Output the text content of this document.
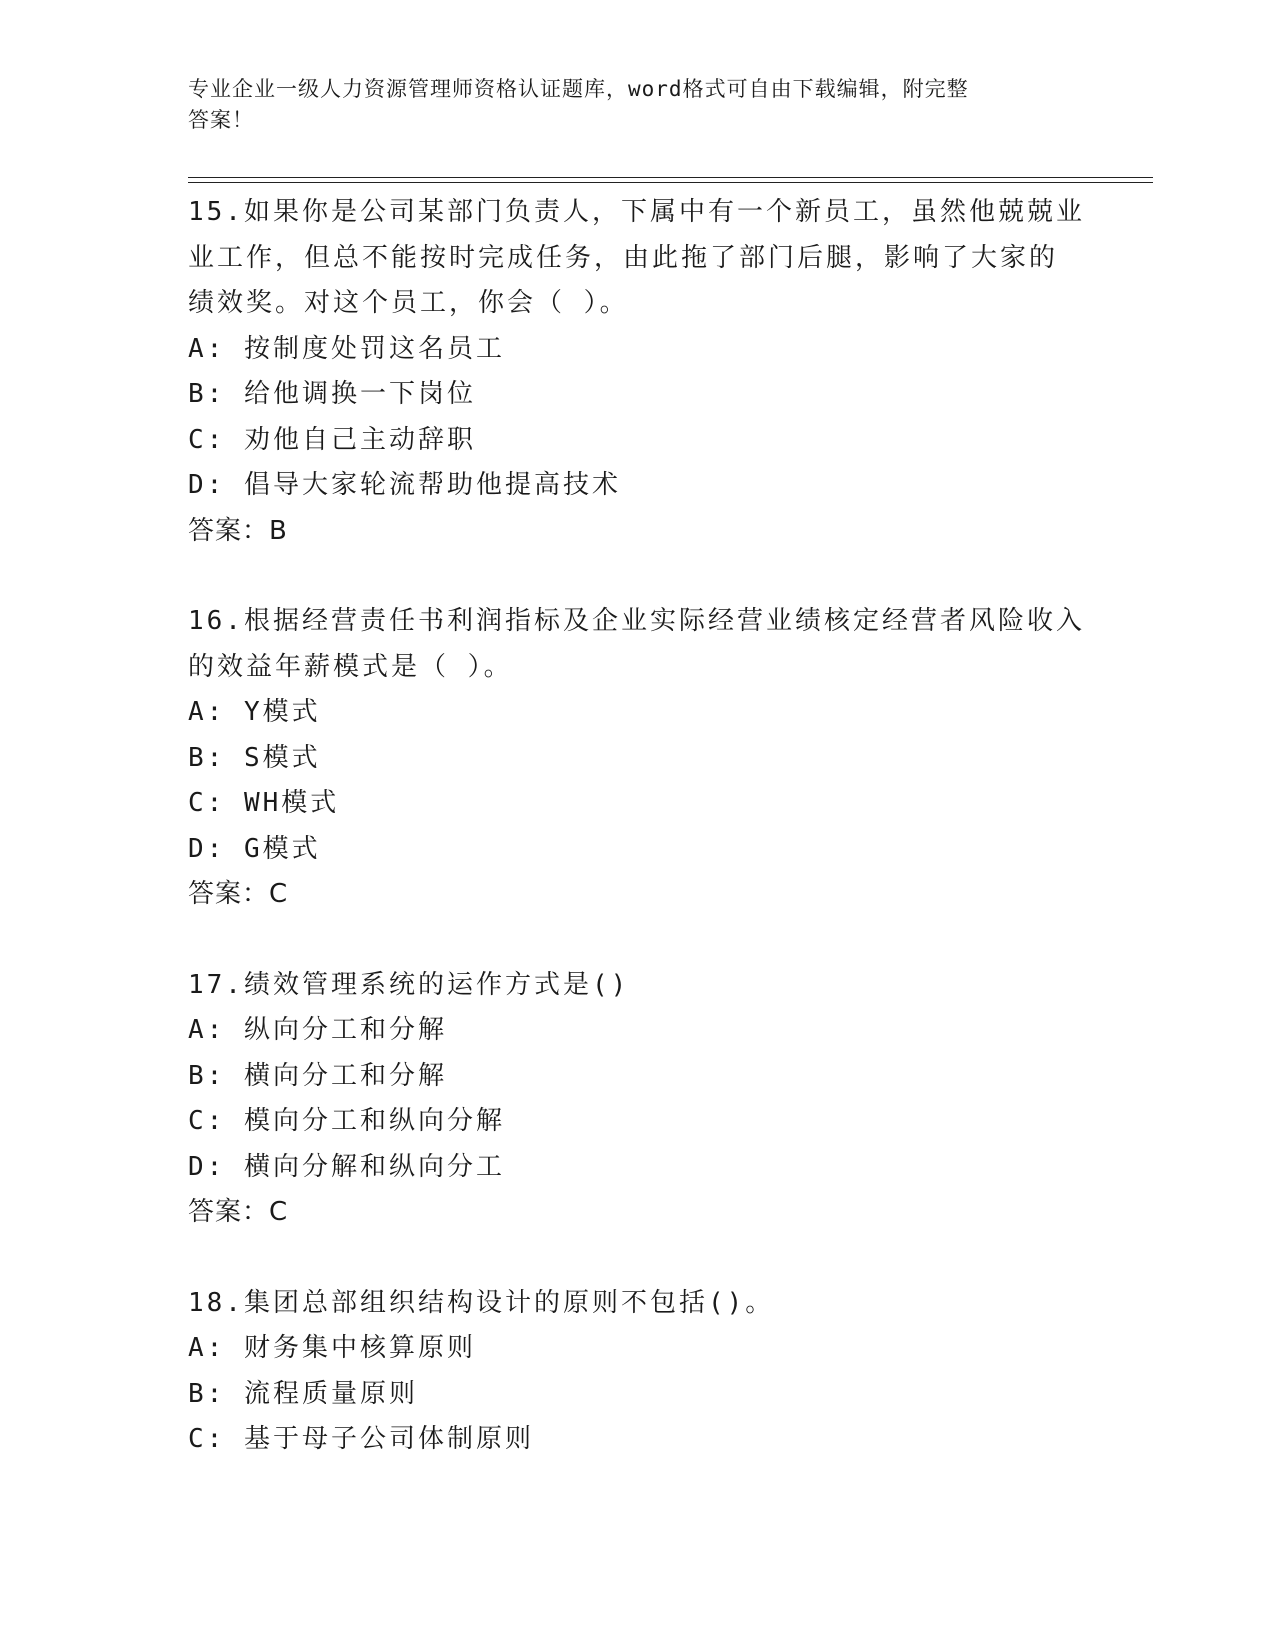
专业企业一级人力资源管理师资格认证题库，word格式可自由下载编辑，附完整
答案！

15.如果你是公司某部门负责人，下属中有一个新员工，虽然他兢兢业

业工作，但总不能按时完成任务，由此拖了部门后腿，影响了大家的

绩效奖。对这个员工，你会（ ）。

A: 按制度处罚这名员工

B: 给他调换一下岗位

C: 劝他自己主动辞职

D: 倡导大家轮流帮助他提高技术

答案：B

16.根据经营责任书利润指标及企业实际经营业绩核定经营者风险收入

的效益年薪模式是（ ）。

A: Y模式

B: S模式

C: WH模式

D: G模式

答案：C

17.绩效管理系统的运作方式是()

A: 纵向分工和分解

B: 横向分工和分解

C: 模向分工和纵向分解

D: 横向分解和纵向分工

答案：C

18.集团总部组织结构设计的原则不包括()。

A: 财务集中核算原则

B: 流程质量原则

C: 基于母子公司体制原则
